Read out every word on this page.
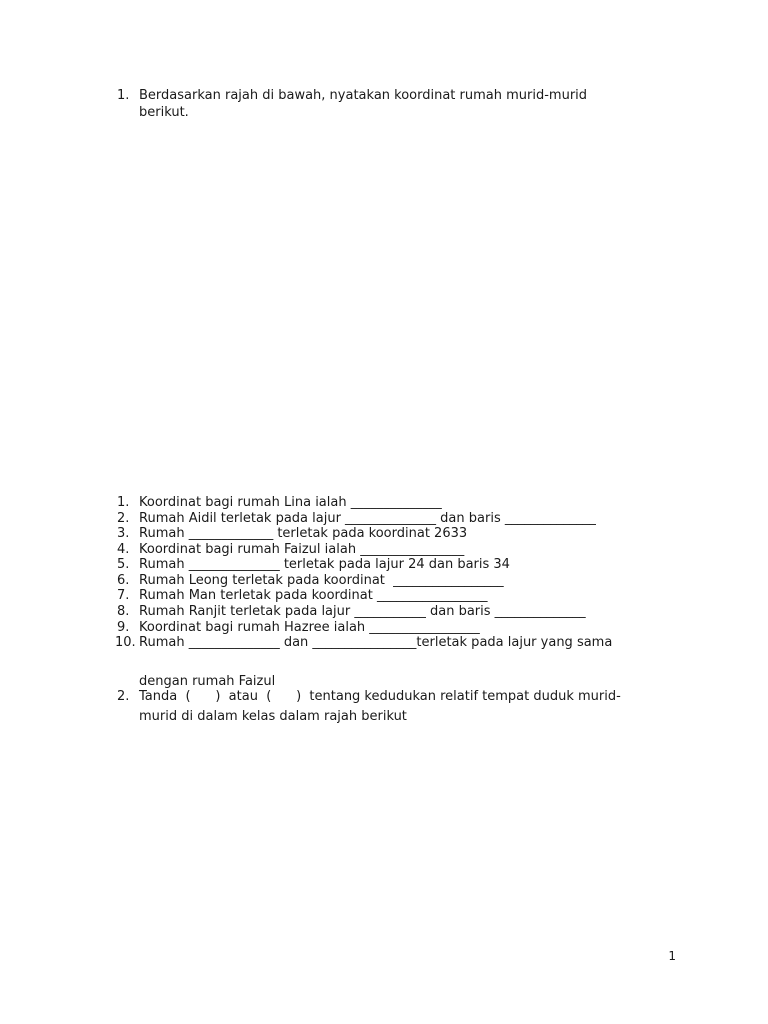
1. Berdasarkan rajah di bawah, nyatakan koordinat rumah murid-murid
berikut.
1. Koordinat bagi rumah Lina ialah ______________
2. Rumah Aidil terletak pada lajur ______________ dan baris ______________
3. Rumah _____________ terletak pada koordinat 2633
4. Koordinat bagi rumah Faizul ialah ________________
5. Rumah ______________ terletak pada lajur 24 dan baris 34
6. Rumah Leong terletak pada koordinat  _________________
7. Rumah Man terletak pada koordinat _________________
8. Rumah Ranjit terletak pada lajur ___________ dan baris ______________
9. Koordinat bagi rumah Hazree ialah _________________
10. Rumah ______________ dan ________________terletak pada lajur yang sama
dengan rumah Faizul
2. Tanda  (      )  atau  (      )  tentang kedudukan relatif tempat duduk murid-
murid di dalam kelas dalam rajah berikut
1
